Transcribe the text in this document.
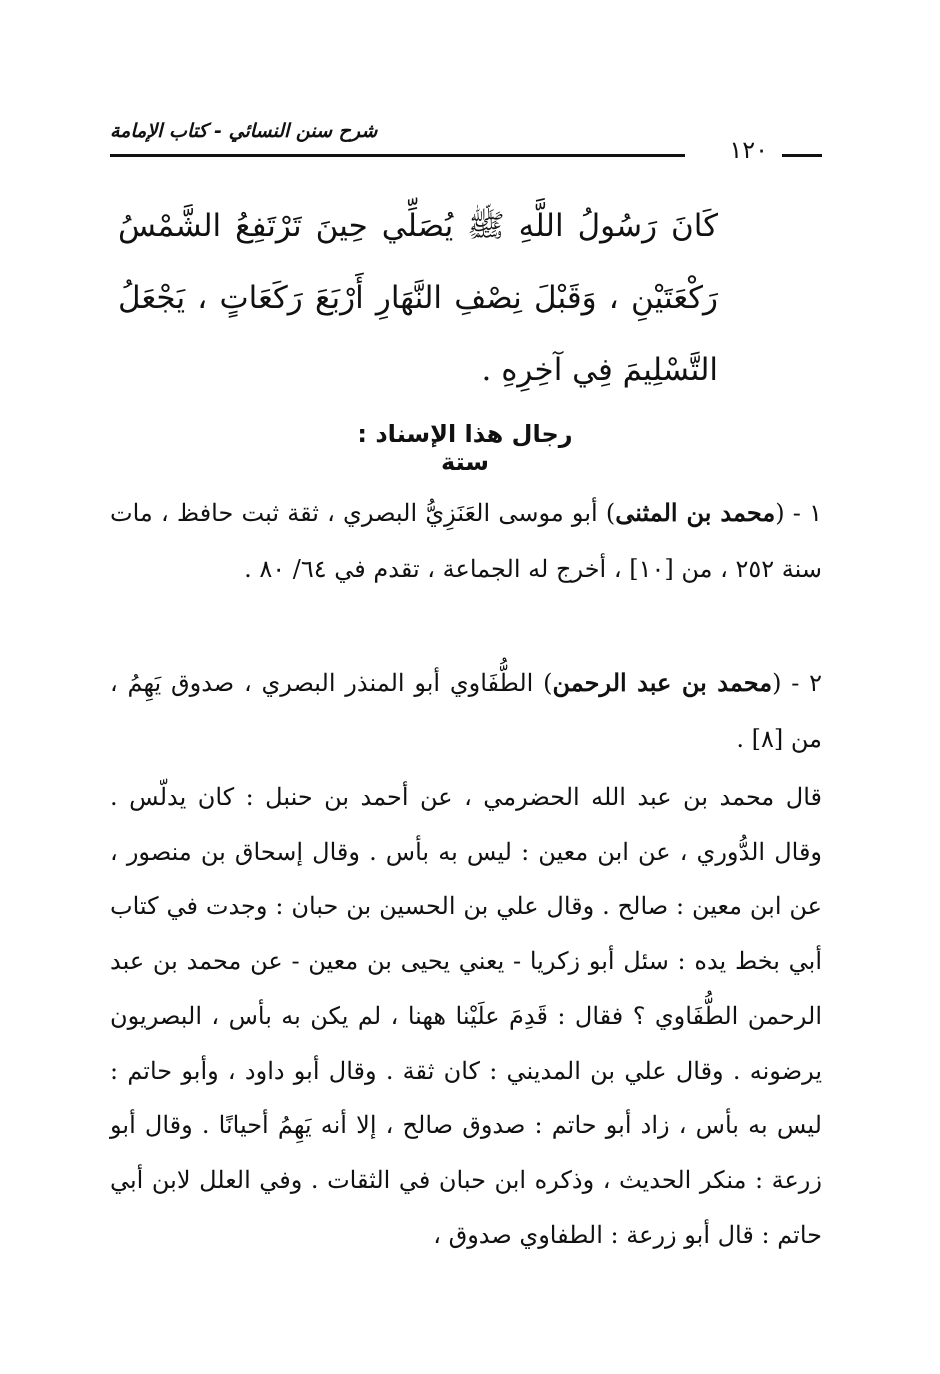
شرح سنن النسائي - كتاب الإمامة
١٢٠
كَانَ رَسُولُ اللَّهِ ﷺ يُصَلِّي حِينَ تَرْتَفِعُ الشَّمْسُ رَكْعَتَيْنِ ، وَقَبْلَ نِصْفِ النَّهَارِ أَرْبَعَ رَكَعَاتٍ ، يَجْعَلُ التَّسْلِيمَ فِي آخِرِهِ .
رجال هذا الإسناد : ستة
١ - (محمد بن المثنى) أبو موسى العَنَزِيُّ البصري ، ثقة ثبت حافظ ، مات سنة ٢٥٢ ، من [١٠] ، أخرج له الجماعة ، تقدم في ٦٤/ ٨٠ .
٢ - (محمد بن عبد الرحمن) الطُّفَاوي أبو المنذر البصري ، صدوق يَهِمُ ، من [٨] .
قال محمد بن عبد الله الحضرمي ، عن أحمد بن حنبل : كان يدلّس . وقال الدُّوري ، عن ابن معين : ليس به بأس . وقال إسحاق بن منصور ، عن ابن معين : صالح . وقال علي بن الحسين بن حبان : وجدت في كتاب أبي بخط يده : سئل أبو زكريا - يعني يحيى بن معين - عن محمد بن عبد الرحمن الطُّفَاوي ؟ فقال : قَدِمَ علَيْنا ههنا ، لم يكن به بأس ، البصريون يرضونه . وقال علي بن المديني : كان ثقة . وقال أبو داود ، وأبو حاتم : ليس به بأس ، زاد أبو حاتم : صدوق صالح ، إلا أنه يَهِمُ أحيانًا . وقال أبو زرعة : منكر الحديث ، وذكره ابن حبان في الثقات . وفي العلل لابن أبي حاتم : قال أبو زرعة : الطفاوي صدوق ،
